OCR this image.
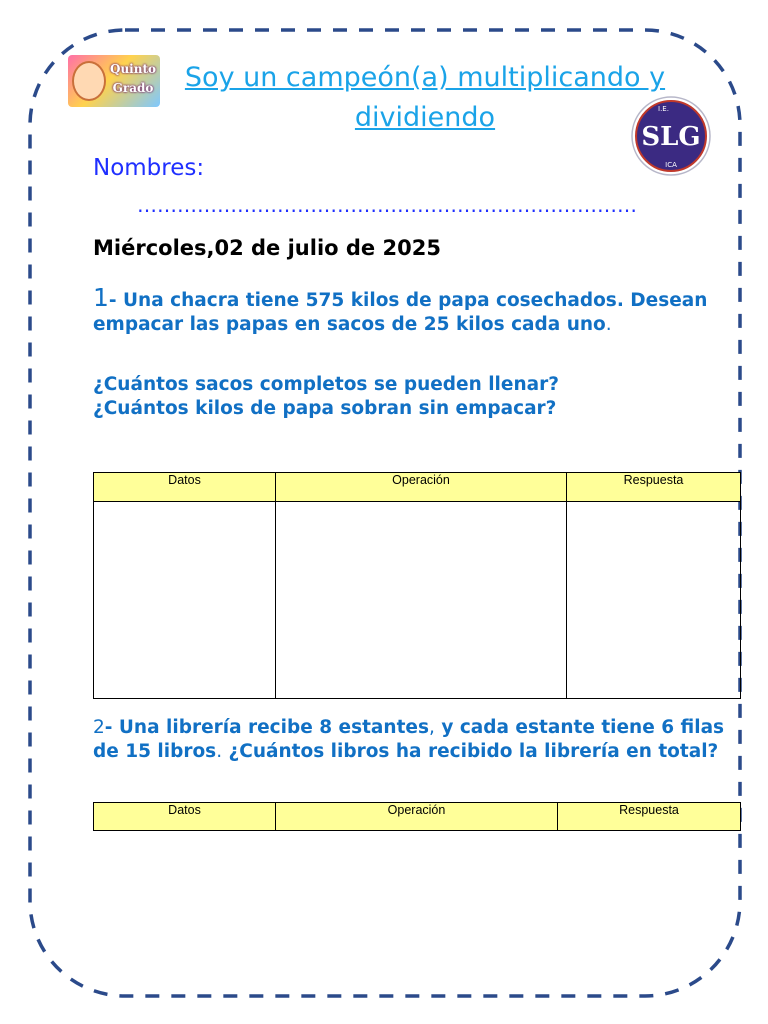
Soy un campeón(a) multiplicando y dividiendo
Quinto
Grado
SLG
I.E.
ICA
Nombres:
…………………………………………………………………
Miércoles,02 de julio de 2025
1- Una chacra tiene 575 kilos de papa cosechados. Desean empacar las papas en sacos de 25 kilos cada uno.
¿Cuántos sacos completos se pueden llenar?
¿Cuántos kilos de papa sobran sin empacar?
Datos	Operación	Respuesta

2- Una librería recibe 8 estantes, y cada estante tiene 6 filas de 15 libros. ¿Cuántos libros ha recibido la librería en total?
Datos	Operación	Respuesta
